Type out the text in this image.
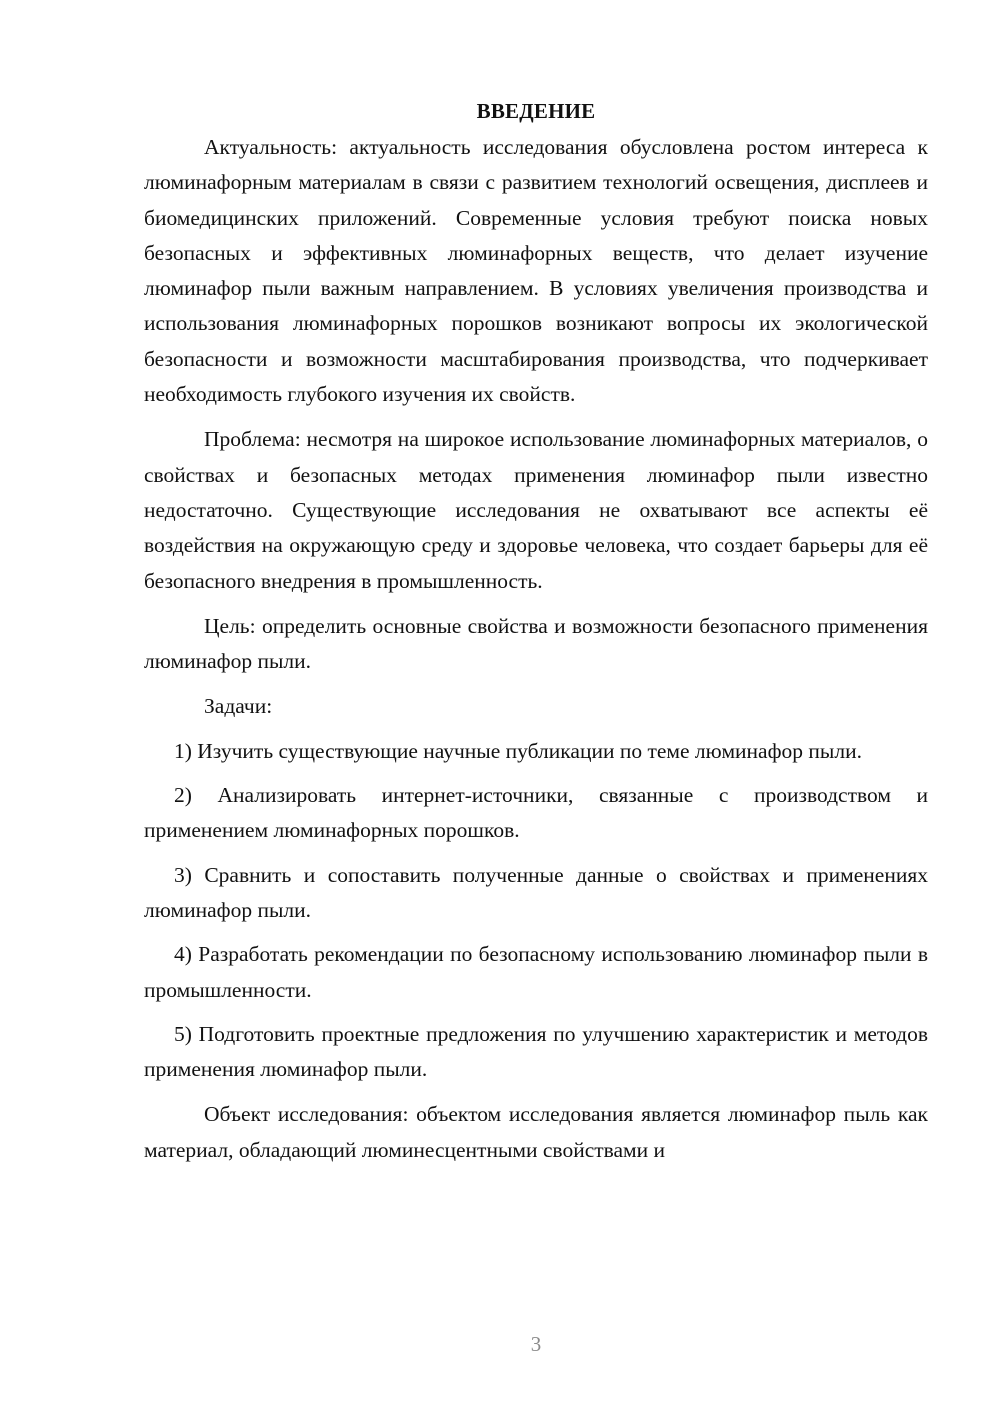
ВВЕДЕНИЕ

Актуальность: актуальность исследования обусловлена ростом интереса к люминафорным материалам в связи с развитием технологий освещения, дисплеев и биомедицинских приложений. Современные условия требуют поиска новых безопасных и эффективных люминафорных веществ, что делает изучение люминафор пыли важным направлением. В условиях увеличения производства и использования люминафорных порошков возникают вопросы их экологической безопасности и возможности масштабирования производства, что подчеркивает необходимость глубокого изучения их свойств.

Проблема: несмотря на широкое использование люминафорных материалов, о свойствах и безопасных методах применения люминафор пыли известно недостаточно. Существующие исследования не охватывают все аспекты её воздействия на окружающую среду и здоровье человека, что создает барьеры для её безопасного внедрения в промышленность.

Цель: определить основные свойства и возможности безопасного применения люминафор пыли.

Задачи:

1) Изучить существующие научные публикации по теме люминафор пыли.

2) Анализировать интернет-источники, связанные с производством и применением люминафорных порошков.

3) Сравнить и сопоставить полученные данные о свойствах и применениях люминафор пыли.

4) Разработать рекомендации по безопасному использованию люминафор пыли в промышленности.

5) Подготовить проектные предложения по улучшению характеристик и методов применения люминафор пыли.

Объект исследования: объектом исследования является люминафор пыль как материал, обладающий люминесцентными свойствами и

3
